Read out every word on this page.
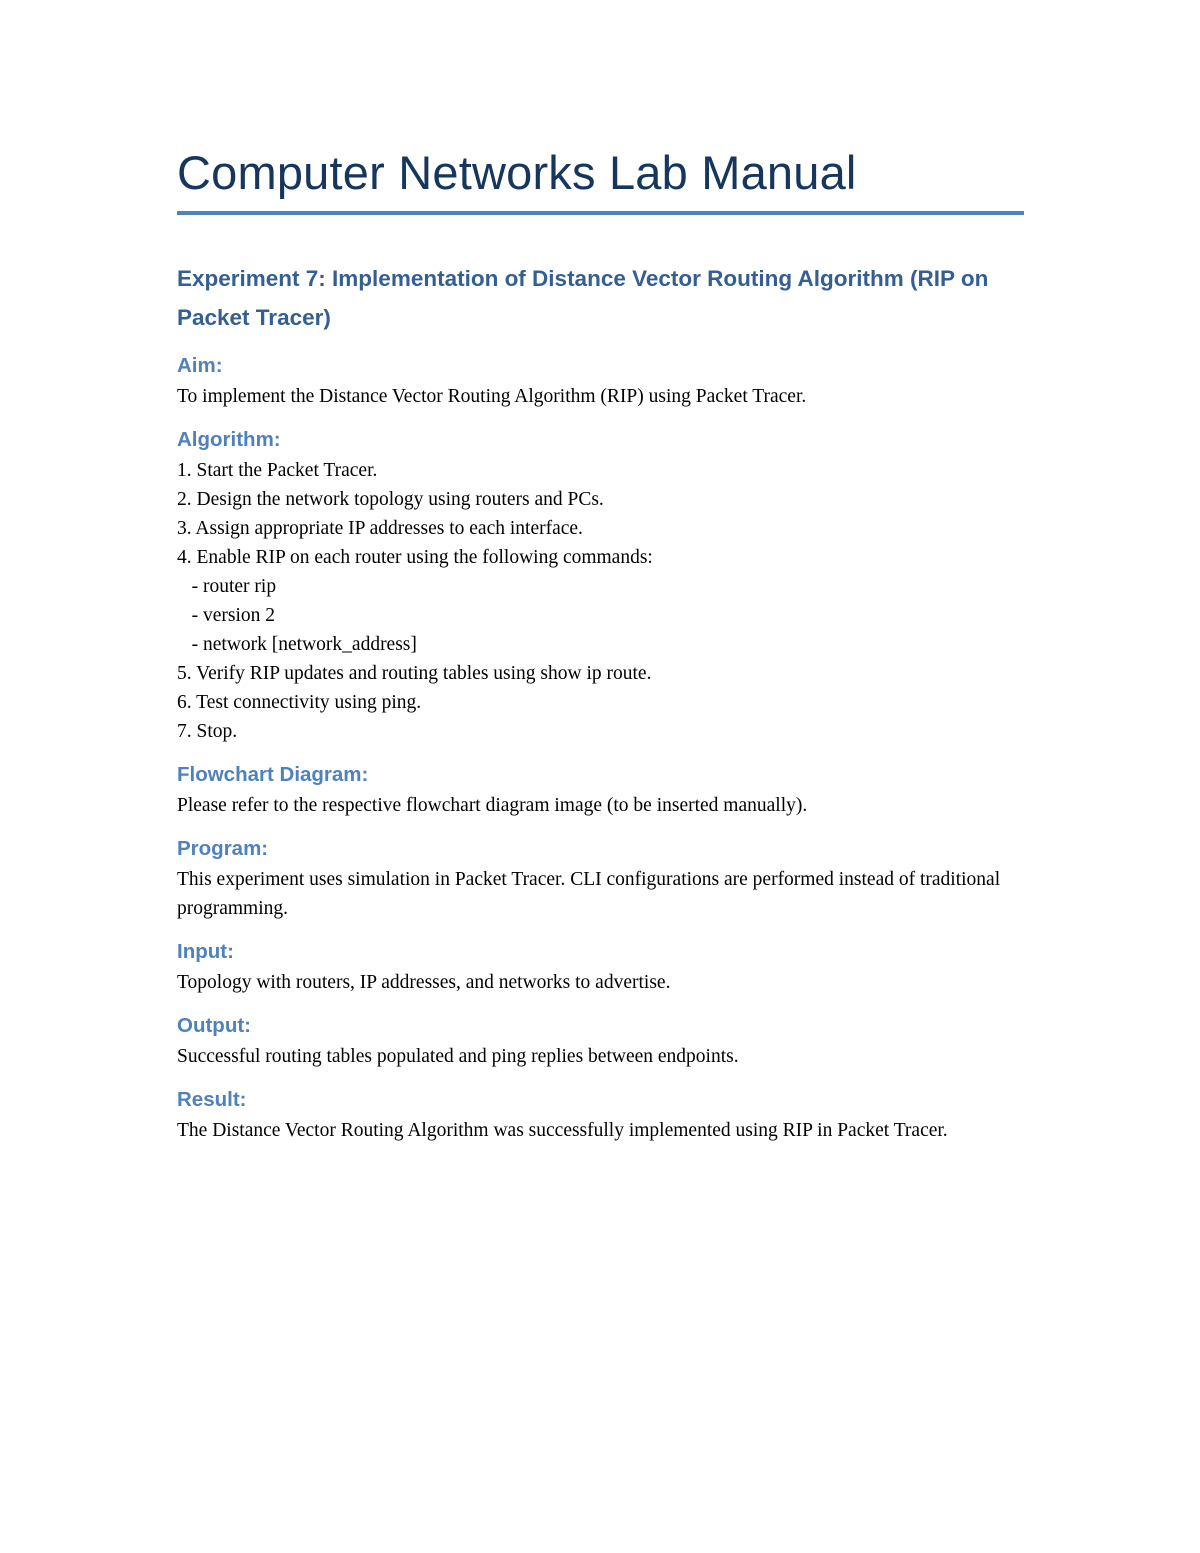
Computer Networks Lab Manual
Experiment 7: Implementation of Distance Vector Routing Algorithm (RIP on Packet Tracer)
Aim:

To implement the Distance Vector Routing Algorithm (RIP) using Packet Tracer.

Algorithm:

1. Start the Packet Tracer.

2. Design the network topology using routers and PCs.

3. Assign appropriate IP addresses to each interface.

4. Enable RIP on each router using the following commands:

- router rip

- version 2

- network [network_address]

5. Verify RIP updates and routing tables using show ip route.

6. Test connectivity using ping.

7. Stop.

Flowchart Diagram:

Please refer to the respective flowchart diagram image (to be inserted manually).

Program:

This experiment uses simulation in Packet Tracer. CLI configurations are performed instead of traditional programming.

Input:

Topology with routers, IP addresses, and networks to advertise.

Output:

Successful routing tables populated and ping replies between endpoints.

Result:

The Distance Vector Routing Algorithm was successfully implemented using RIP in Packet Tracer.
